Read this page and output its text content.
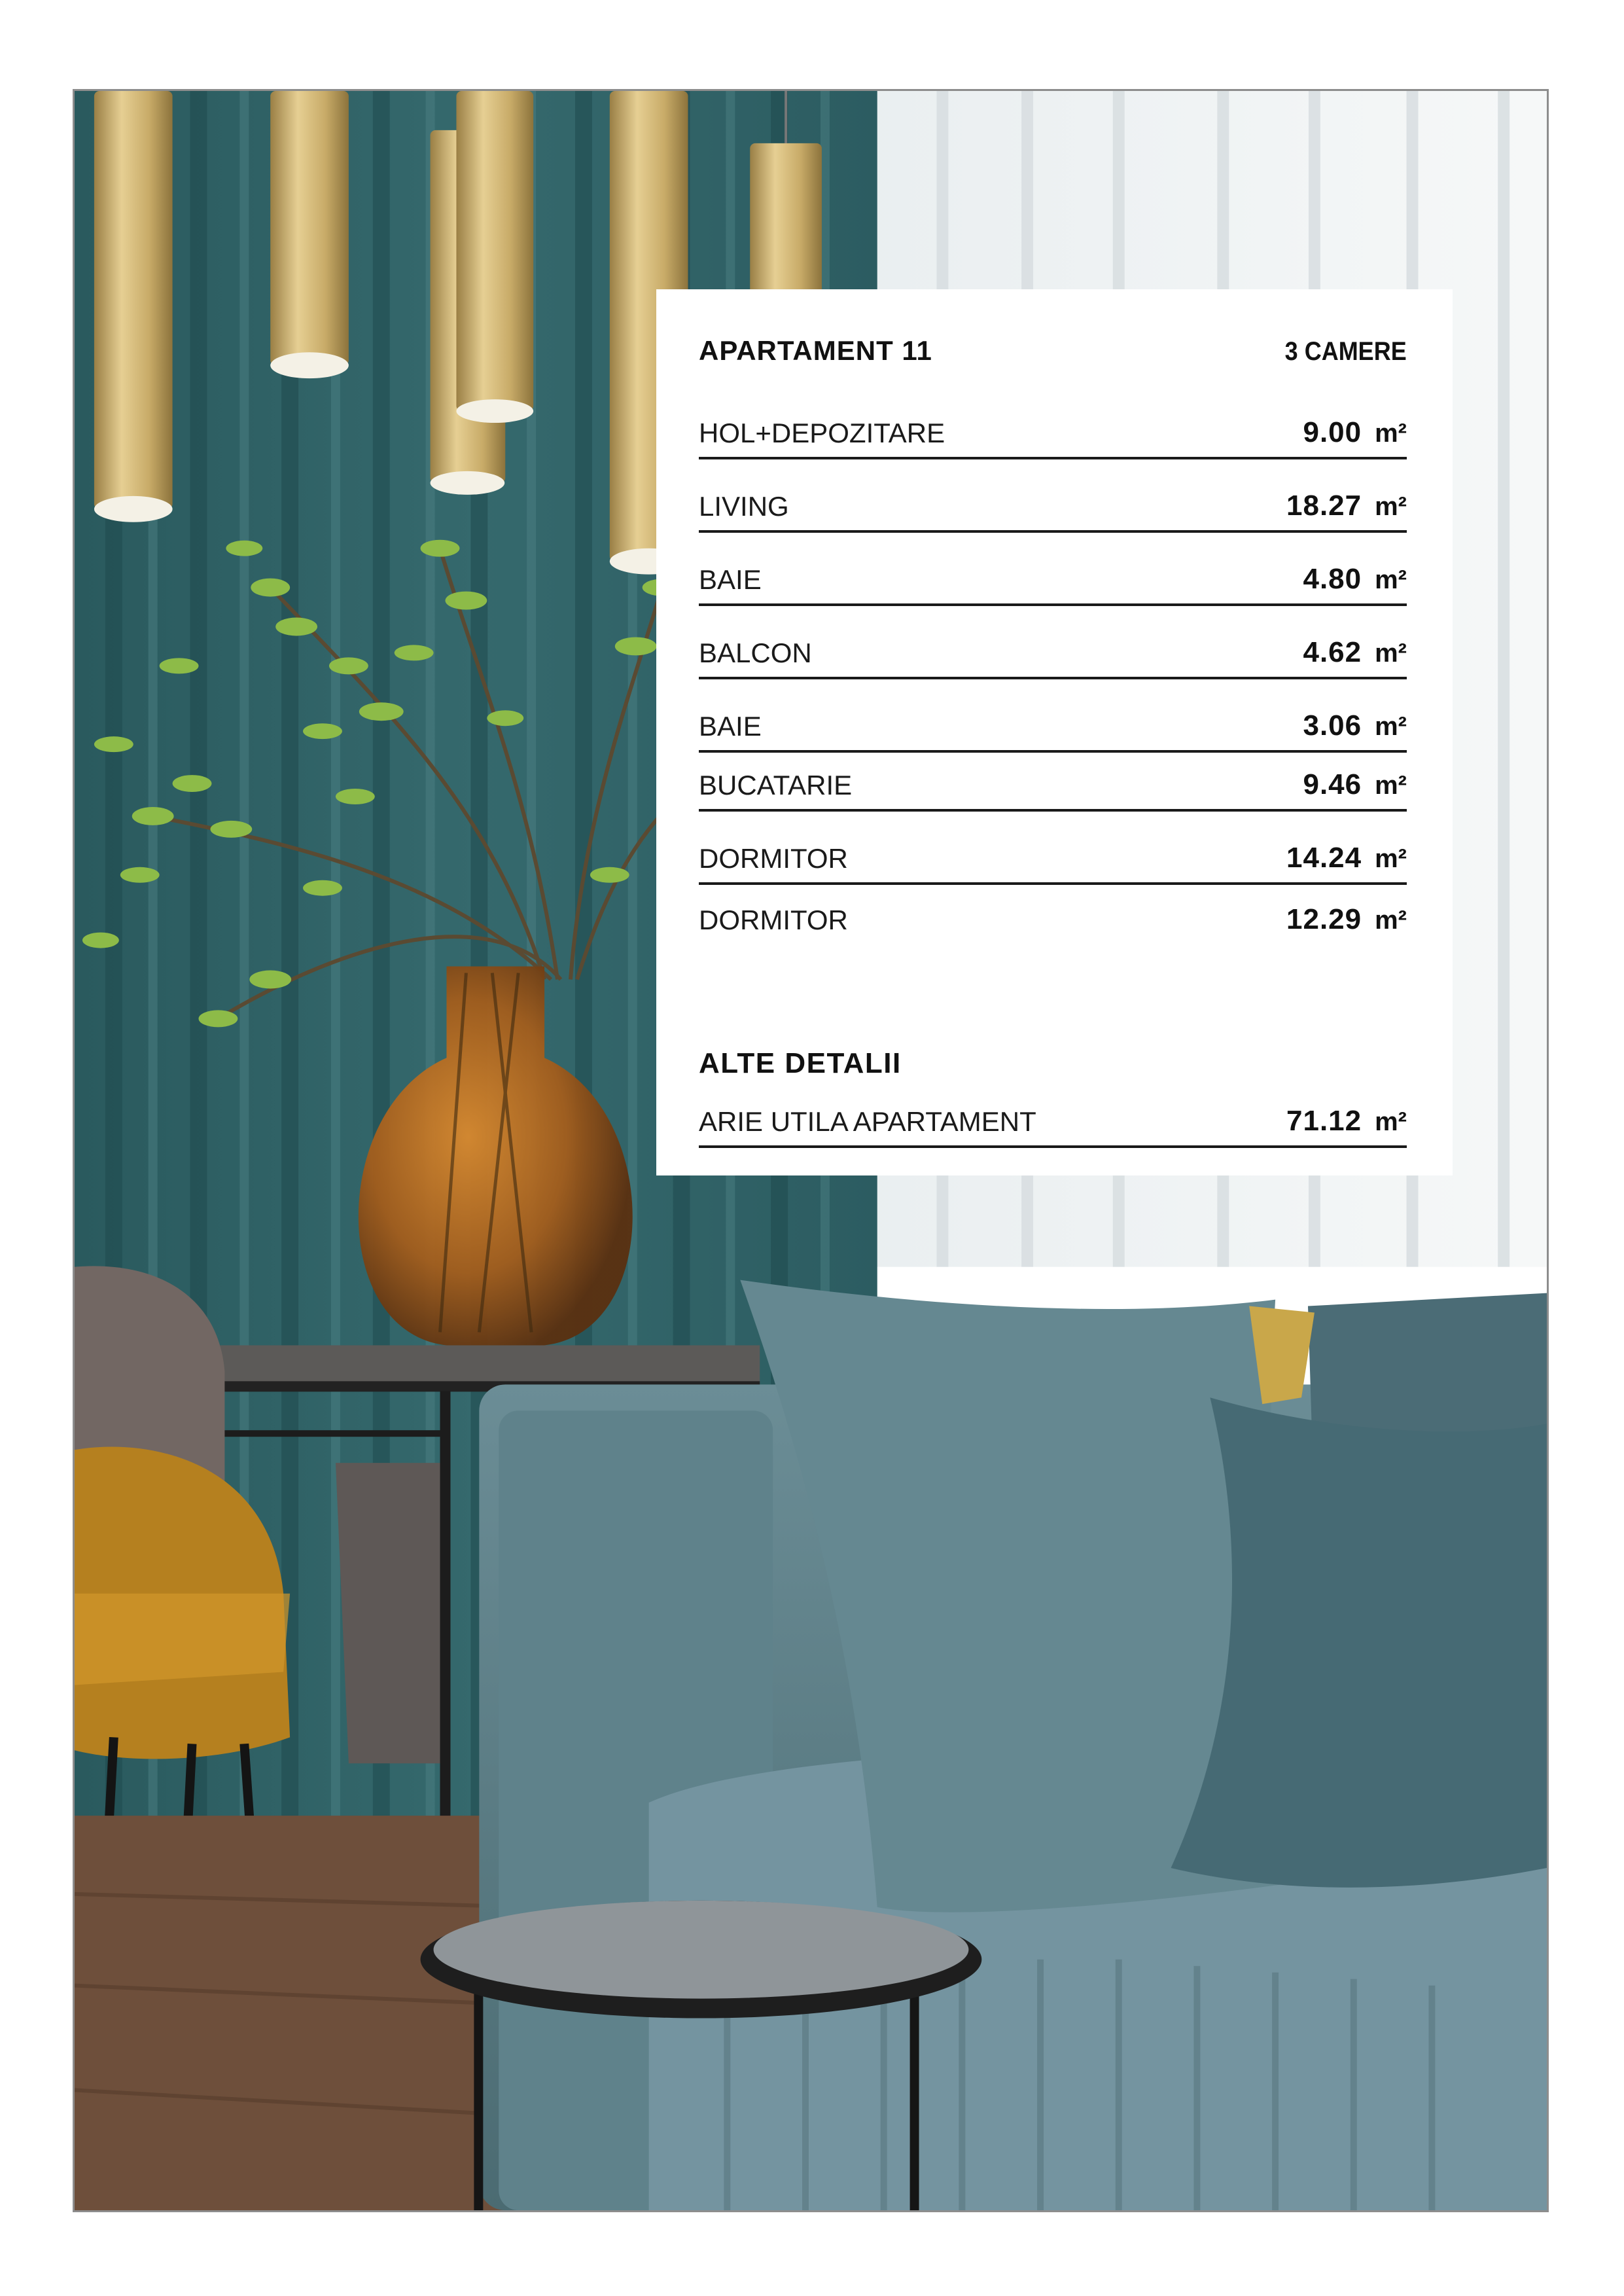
APARTAMENT 11	3 CAMERE
HOL+DEPOZITARE	9.00 m²
LIVING	18.27 m²
BAIE	4.80 m²
BALCON	4.62 m²
BAIE	3.06 m²
BUCATARIE	9.46 m²
DORMITOR	14.24 m²
DORMITOR	12.29 m²
ALTE DETALII
ARIE UTILA APARTAMENT	71.12 m²
